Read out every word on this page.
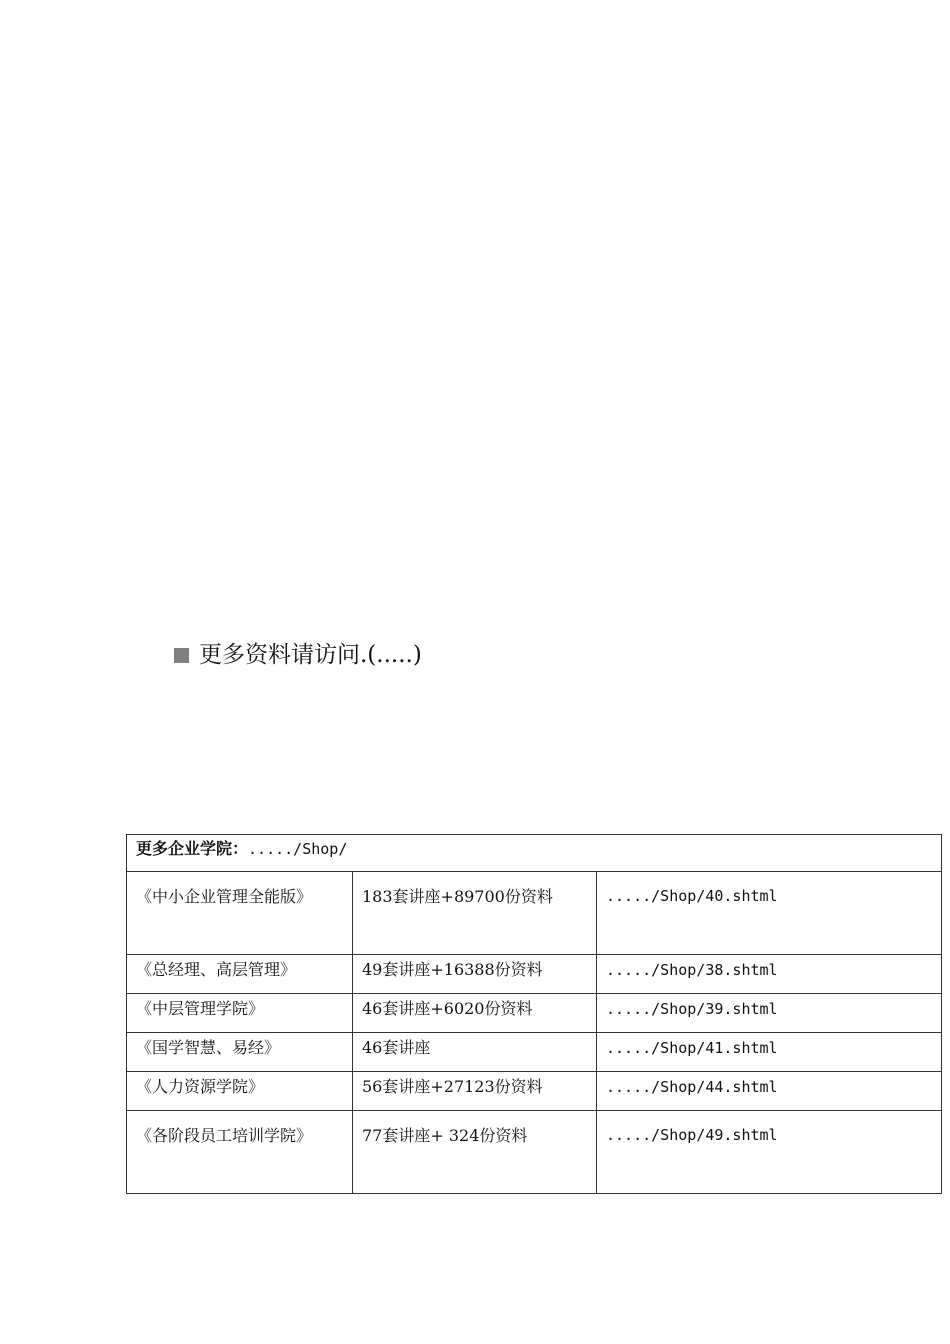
更多资料请访问.(.....)
更多企业学院：...../Shop/		
《中小企业管理全能版》	183套讲座+89700份资料	...../Shop/40.shtml
《总经理、高层管理》	49套讲座+16388份资料	...../Shop/38.shtml
《中层管理学院》	46套讲座+6020份资料	...../Shop/39.shtml
《国学智慧、易经》	46套讲座	...../Shop/41.shtml
《人力资源学院》	56套讲座+27123份资料	...../Shop/44.shtml
《各阶段员工培训学院》	77套讲座+ 324份资料	...../Shop/49.shtml
